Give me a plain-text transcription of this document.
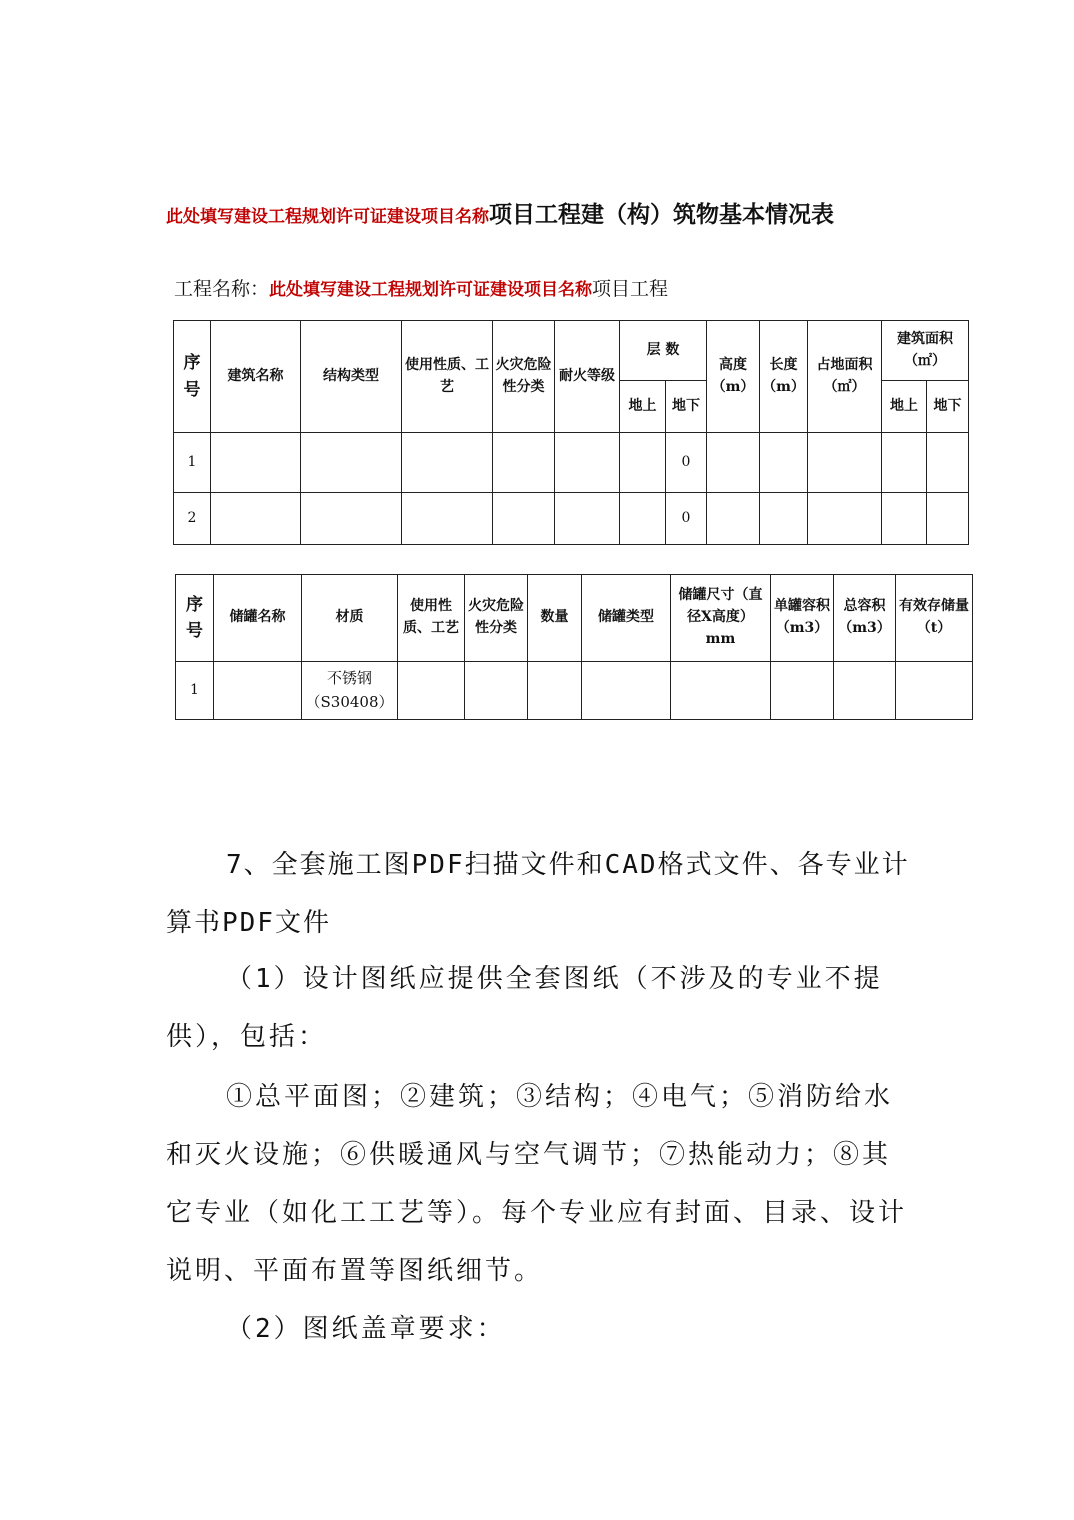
此处填写建设工程规划许可证建设项目名称项目工程建（构）筑物基本情况表
工程名称：此处填写建设工程规划许可证建设项目名称项目工程
序号	建筑名称	结构类型	使用性质、工艺	火灾危险性分类	耐火等级	层 数		高度（m）	长度（m）	占地面积（㎡）	建筑面积（㎡）	
						地上	地下				地上	地下
1							0					
2							0					
序号	储罐名称	材质	使用性质、工艺	火灾危险性分类	数量	储罐类型	储罐尺寸（直径X高度）mm	单罐容积（m3）	总容积（m3）	有效存储量（t）
1		不锈钢（S30408）								
7、全套施工图PDF扫描文件和CAD格式文件、各专业计算书PDF文件
（1）设计图纸应提供全套图纸（不涉及的专业不提供），包括：
①总平面图；②建筑；③结构；④电气；⑤消防给水和灭火设施；⑥供暖通风与空气调节；⑦热能动力；⑧其它专业（如化工工艺等）。每个专业应有封面、目录、设计说明、平面布置等图纸细节。
（2）图纸盖章要求：
